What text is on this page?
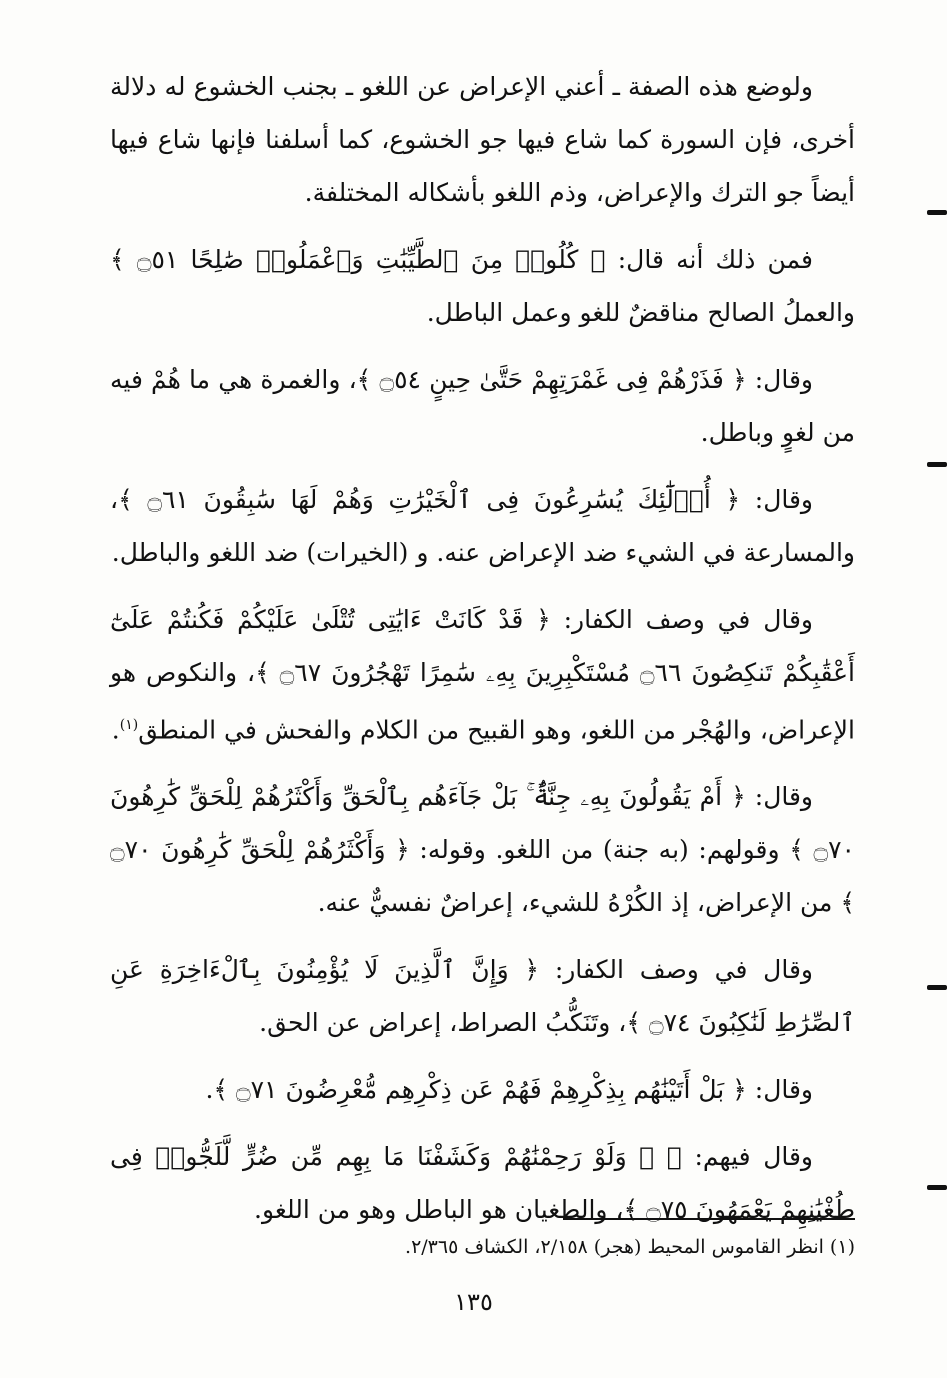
ولوضع هذه الصفة ـ أعني الإعراض عن اللغو ـ بجنب الخشوع له دلالة أخرى، فإن السورة كما شاع فيها جو الخشوع، كما أسلفنا فإنها شاع فيها أيضاً جو الترك والإعراض، وذم اللغو بأشكاله المختلفة.

فمن ذلك أنه قال: ﴿ كُلُوا۟ مِنَ ٱلطَّيِّبَٰتِ وَٱعْمَلُوا۟ صَٰلِحًا ۝٥١ ﴾ والعملُ الصالح مناقضٌ للغو وعمل الباطل.

وقال: ﴿ فَذَرْهُمْ فِى غَمْرَتِهِمْ حَتَّىٰ حِينٍ ۝٥٤ ﴾، والغمرة هي ما هُمْ فيه من لغوٍ وباطل.

وقال: ﴿ أُو۟لَٰٓئِكَ يُسَٰرِعُونَ فِى ٱلْخَيْرَٰتِ وَهُمْ لَهَا سَٰبِقُونَ ۝٦١ ﴾، والمسارعة في الشيء ضد الإعراض عنه. و (الخيرات) ضد اللغو والباطل.

وقال في وصف الكفار: ﴿ قَدْ كَانَتْ ءَايَٰتِى تُتْلَىٰ عَلَيْكُمْ فَكُنتُمْ عَلَىٰٓ أَعْقَٰبِكُمْ تَنكِصُونَ ۝٦٦ مُسْتَكْبِرِينَ بِهِۦ سَٰمِرًا تَهْجُرُونَ ۝٦٧ ﴾، والنكوص هو الإعراض، والهُجْر من اللغو، وهو القبيح من الكلام والفحش في المنطق$^{(١)}$.

وقال: ﴿ أَمْ يَقُولُونَ بِهِۦ جِنَّةٌۢ ۚ بَلْ جَآءَهُم بِٱلْحَقِّ وَأَكْثَرُهُمْ لِلْحَقِّ كَٰرِهُونَ ۝٧٠ ﴾ وقولهم: (به جنة) من اللغو. وقوله: ﴿ وَأَكْثَرُهُمْ لِلْحَقِّ كَٰرِهُونَ ۝٧٠ ﴾ من الإعراض، إذ الكُرْهُ للشيء، إعراضٌ نفسيٌّ عنه.

وقال في وصف الكفار: ﴿ وَإِنَّ ٱلَّذِينَ لَا يُؤْمِنُونَ بِٱلْءَاخِرَةِ عَنِ ٱلصِّرَٰطِ لَنَٰكِبُونَ ۝٧٤ ﴾، وتَنَكُّبُ الصراط، إعراض عن الحق.

وقال: ﴿ بَلْ أَتَيْنَٰهُم بِذِكْرِهِمْ فَهُمْ عَن ذِكْرِهِم مُّعْرِضُونَ ۝٧١ ﴾.

وقال فيهم: ﴿ ۞ وَلَوْ رَحِمْنَٰهُمْ وَكَشَفْنَا مَا بِهِم مِّن ضُرٍّ لَّلَجُّوا۟ فِى طُغْيَٰنِهِمْ يَعْمَهُونَ ۝٧٥ ﴾، والطغيان هو الباطل وهو من اللغو.

(١) انظر القاموس المحيط (هجر) ٢/١٥٨، الكشاف ٢/٣٦٥.
١٣٥
